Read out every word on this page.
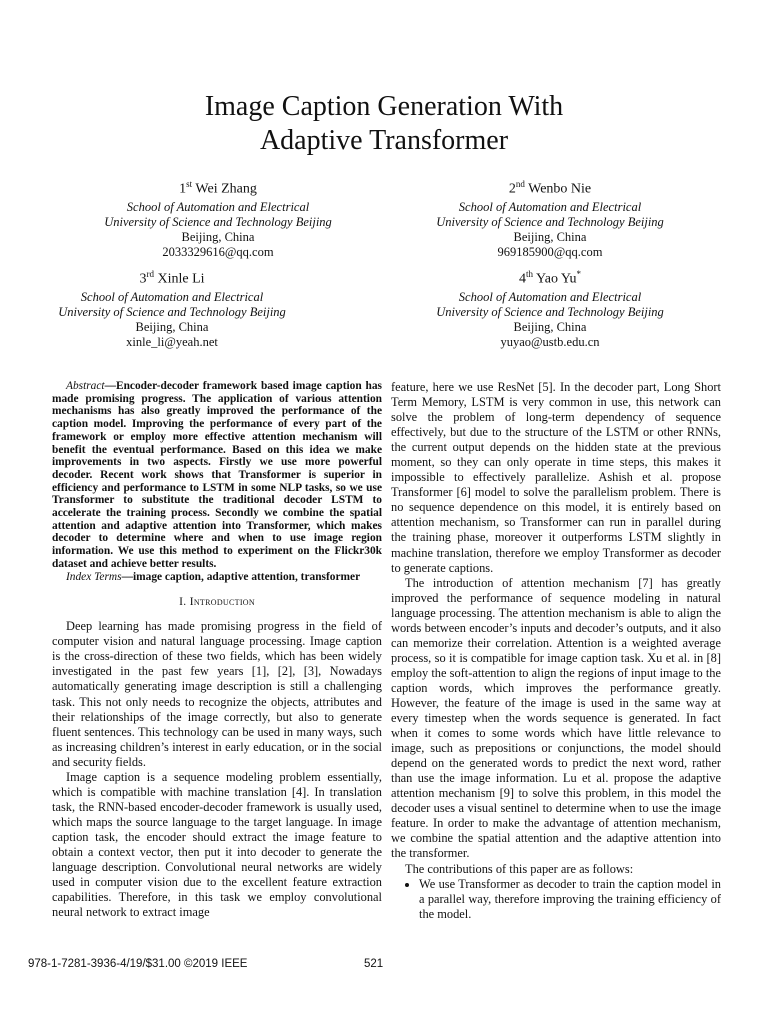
Image Caption Generation With
Adaptive Transformer
1st Wei Zhang
School of Automation and Electrical
University of Science and Technology Beijing
Beijing, China
2033329616@qq.com
2nd Wenbo Nie
School of Automation and Electrical
University of Science and Technology Beijing
Beijing, China
969185900@qq.com
3rd Xinle Li
School of Automation and Electrical
University of Science and Technology Beijing
Beijing, China
xinle_li@yeah.net
4th Yao Yu*
School of Automation and Electrical
University of Science and Technology Beijing
Beijing, China
yuyao@ustb.edu.cn

Abstract—Encoder-decoder framework based image caption has made promising progress. The application of various attention mechanisms has also greatly improved the performance of the caption model. Improving the performance of every part of the framework or employ more effective attention mechanism will benefit the eventual performance. Based on this idea we make improvements in two aspects. Firstly we use more powerful decoder. Recent work shows that Transformer is superior in efficiency and performance to LSTM in some NLP tasks, so we use Transformer to substitute the traditional decoder LSTM to accelerate the training process. Secondly we combine the spatial attention and adaptive attention into Transformer, which makes decoder to determine where and when to use image region information. We use this method to experiment on the Flickr30k dataset and achieve better results.

Index Terms—image caption, adaptive attention, transformer

I. Introduction

Deep learning has made promising progress in the field of computer vision and natural language processing. Image caption is the cross-direction of these two fields, which has been widely investigated in the past few years [1], [2], [3], Nowadays automatically generating image description is still a challenging task. This not only needs to recognize the objects, attributes and their relationships of the image correctly, but also to generate fluent sentences. This technology can be used in many ways, such as increasing children’s interest in early education, or in the social and security fields.

Image caption is a sequence modeling problem essentially, which is compatible with machine translation [4]. In translation task, the RNN-based encoder-decoder framework is usually used, which maps the source language to the target language. In image caption task, the encoder should extract the image feature to obtain a context vector, then put it into decoder to generate the language description. Convolutional neural networks are widely used in computer vision due to the excellent feature extraction capabilities. Therefore, in this task we employ convolutional neural network to extract image

feature, here we use ResNet [5]. In the decoder part, Long Short Term Memory, LSTM is very common in use, this network can solve the problem of long-term dependency of sequence effectively, but due to the structure of the LSTM or other RNNs, the current output depends on the hidden state at the previous moment, so they can only operate in time steps, this makes it impossible to effectively parallelize. Ashish et al. propose Transformer [6] model to solve the parallelism problem. There is no sequence dependence on this model, it is entirely based on attention mechanism, so Transformer can run in parallel during the training phase, moreover it outperforms LSTM slightly in machine translation, therefore we employ Transformer as decoder to generate captions.

The introduction of attention mechanism [7] has greatly improved the performance of sequence modeling in natural language processing. The attention mechanism is able to align the words between encoder’s inputs and decoder’s outputs, and it also can memorize their correlation. Attention is a weighted average process, so it is compatible for image caption task. Xu et al. in [8] employ the soft-attention to align the regions of input image to the caption words, which improves the performance greatly. However, the feature of the image is used in the same way at every timestep when the words sequence is generated. In fact when it comes to some words which have little relevance to image, such as prepositions or conjunctions, the model should depend on the generated words to predict the next word, rather than use the image information. Lu et al. propose the adaptive attention mechanism [9] to solve this problem, in this model the decoder uses a visual sentinel to determine when to use the image feature. In order to make the advantage of attention mechanism, we combine the spatial attention and the adaptive attention into the transformer.

The contributions of this paper are as follows:

• We use Transformer as decoder to train the caption model in a parallel way, therefore improving the training efficiency of the model.
978-1-7281-3936-4/19/$31.00 ©2019 IEEE	521
